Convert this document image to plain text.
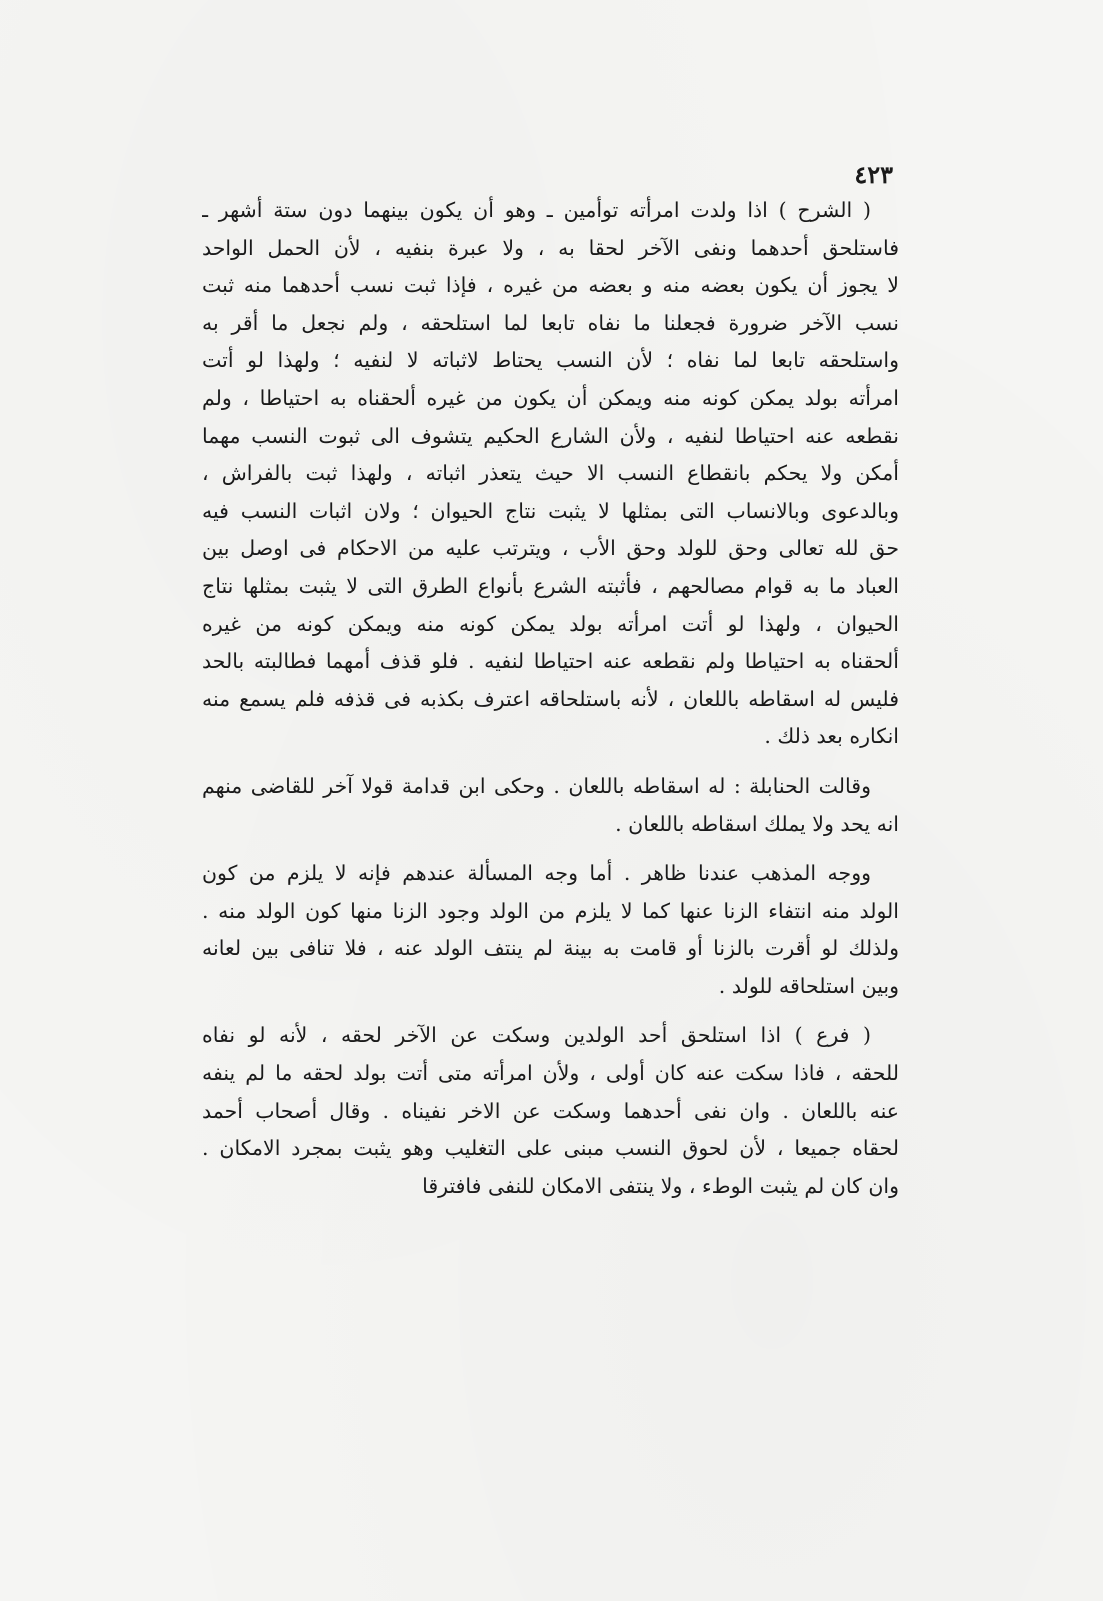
٤٢٣
( الشرح ) اذا ولدت امرأته توأمين ـ وهو أن يكون بينهما دون ستة أشهر ـ
فاستلحق أحدهما ونفى الآخر لحقا به ، ولا عبرة بنفيه ، لأن الحمل الواحد
لا يجوز أن يكون بعضه منه و بعضه من غيره ، فإذا ثبت نسب أحدهما منه ثبت
نسب الآخر ضرورة فجعلنا ما نفاه تابعا لما استلحقه ، ولم نجعل ما أقر به
واستلحقه تابعا لما نفاه ؛ لأن النسب يحتاط لاثباته لا لنفيه ؛ ولهذا لو أتت
امرأته بولد يمكن كونه منه ويمكن أن يكون من غيره ألحقناه به احتياطا ، ولم
نقطعه عنه احتياطا لنفيه ، ولأن الشارع الحكيم يتشوف الى ثبوت النسب مهما
أمكن ولا يحكم بانقطاع النسب الا حيث يتعذر اثباته ، ولهذا ثبت بالفراش ،
وبالدعوى وبالانساب التى بمثلها لا يثبت نتاج الحيوان ؛ ولان اثبات النسب فيه
حق لله تعالى وحق للولد وحق الأب ، ويترتب عليه من الاحكام فى اوصل بين
العباد ما به قوام مصالحهم ، فأثبته الشرع بأنواع الطرق التى لا يثبت بمثلها نتاج
الحيوان ، ولهذا لو أتت امرأته بولد يمكن كونه منه ويمكن كونه من غيره
ألحقناه به احتياطا ولم نقطعه عنه احتياطا لنفيه . فلو قذف أمهما فطالبته بالحد
فليس له اسقاطه باللعان ، لأنه باستلحاقه اعترف بكذبه فى قذفه فلم يسمع منه
انكاره بعد ذلك .
وقالت الحنابلة : له اسقاطه باللعان . وحكى ابن قدامة قولا آخر للقاضى منهم
انه يحد ولا يملك اسقاطه باللعان .
ووجه المذهب عندنا ظاهر . أما وجه المسألة عندهم فإنه لا يلزم من كون
الولد منه انتفاء الزنا عنها كما لا يلزم من الولد وجود الزنا منها كون الولد منه .
ولذلك لو أقرت بالزنا أو قامت به بينة لم ينتف الولد عنه ، فلا تنافى بين لعانه
وبين استلحاقه للولد .
( فرع ) اذا استلحق أحد الولدين وسكت عن الآخر لحقه ، لأنه لو نفاه
للحقه ، فاذا سكت عنه كان أولى ، ولأن امرأته متى أتت بولد لحقه ما لم ينفه
عنه باللعان . وان نفى أحدهما وسكت عن الاخر نفيناه . وقال أصحاب أحمد
لحقاه جميعا ، لأن لحوق النسب مبنى على التغليب وهو يثبت بمجرد الامكان .
وان كان لم يثبت الوطء ، ولا ينتفى الامكان للنفى فافترقا
